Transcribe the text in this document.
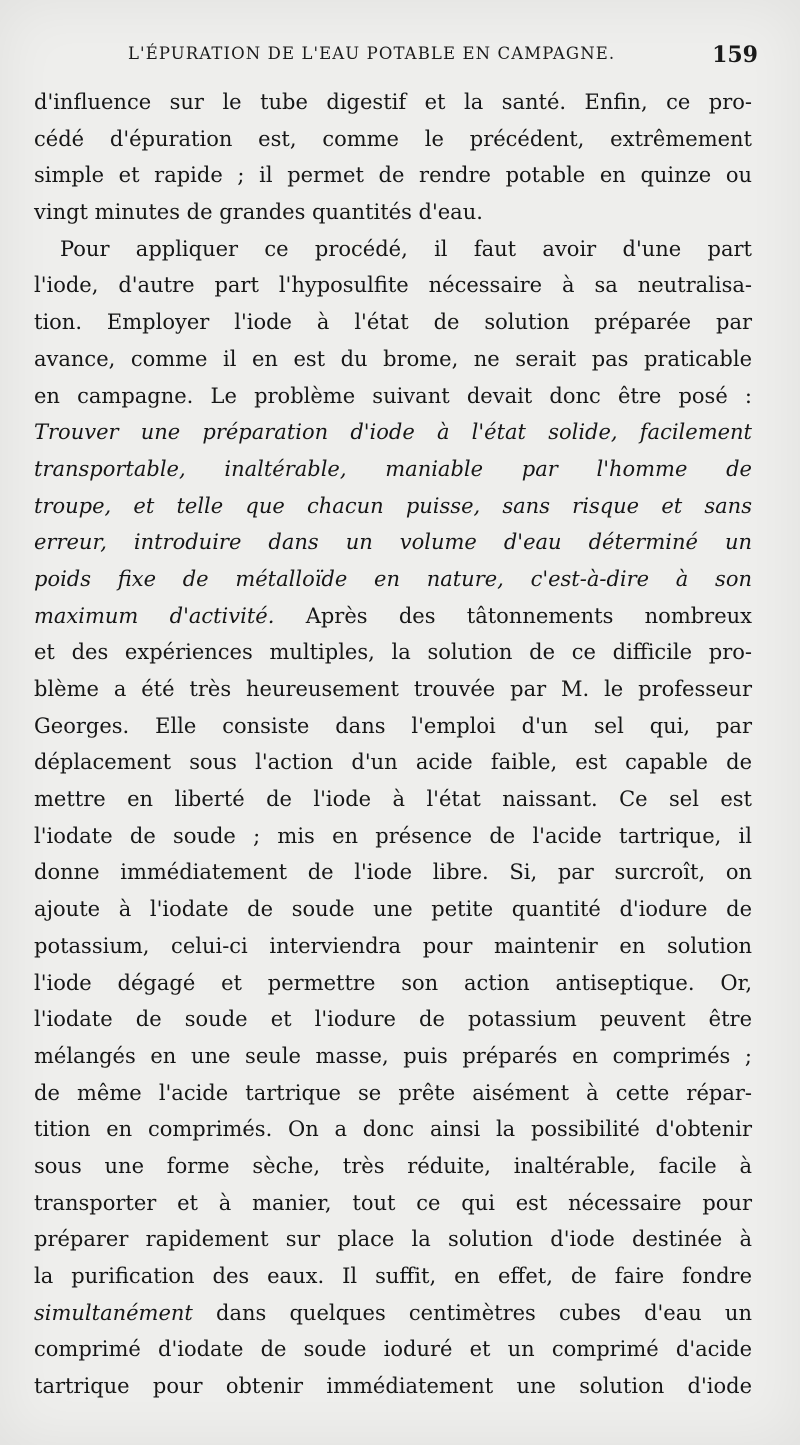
L'ÉPURATION DE L'EAU POTABLE EN CAMPAGNE.	159
d'influence sur le tube digestif et la santé. Enfin, ce pro-
cédé d'épuration est, comme le précédent, extrêmement
simple et rapide ; il permet de rendre potable en quinze ou
vingt minutes de grandes quantités d'eau.
Pour appliquer ce procédé, il faut avoir d'une part
l'iode, d'autre part l'hyposulfite nécessaire à sa neutralisa-
tion. Employer l'iode à l'état de solution préparée par
avance, comme il en est du brome, ne serait pas praticable
en campagne. Le problème suivant devait donc être posé :
Trouver une préparation d'iode à l'état solide, facilement
transportable, inaltérable, maniable par l'homme de
troupe, et telle que chacun puisse, sans risque et sans
erreur, introduire dans un volume d'eau déterminé un
poids fixe de métalloïde en nature, c'est-à-dire à son
maximum d'activité. Après des tâtonnements nombreux
et des expériences multiples, la solution de ce difficile pro-
blème a été très heureusement trouvée par M. le professeur
Georges. Elle consiste dans l'emploi d'un sel qui, par
déplacement sous l'action d'un acide faible, est capable de
mettre en liberté de l'iode à l'état naissant. Ce sel est
l'iodate de soude ; mis en présence de l'acide tartrique, il
donne immédiatement de l'iode libre. Si, par surcroît, on
ajoute à l'iodate de soude une petite quantité d'iodure de
potassium, celui-ci interviendra pour maintenir en solution
l'iode dégagé et permettre son action antiseptique. Or,
l'iodate de soude et l'iodure de potassium peuvent être
mélangés en une seule masse, puis préparés en comprimés ;
de même l'acide tartrique se prête aisément à cette répar-
tition en comprimés. On a donc ainsi la possibilité d'obtenir
sous une forme sèche, très réduite, inaltérable, facile à
transporter et à manier, tout ce qui est nécessaire pour
préparer rapidement sur place la solution d'iode destinée à
la purification des eaux. Il suffit, en effet, de faire fondre
simultanément dans quelques centimètres cubes d'eau un
comprimé d'iodate de soude ioduré et un comprimé d'acide
tartrique pour obtenir immédiatement une solution d'iode
